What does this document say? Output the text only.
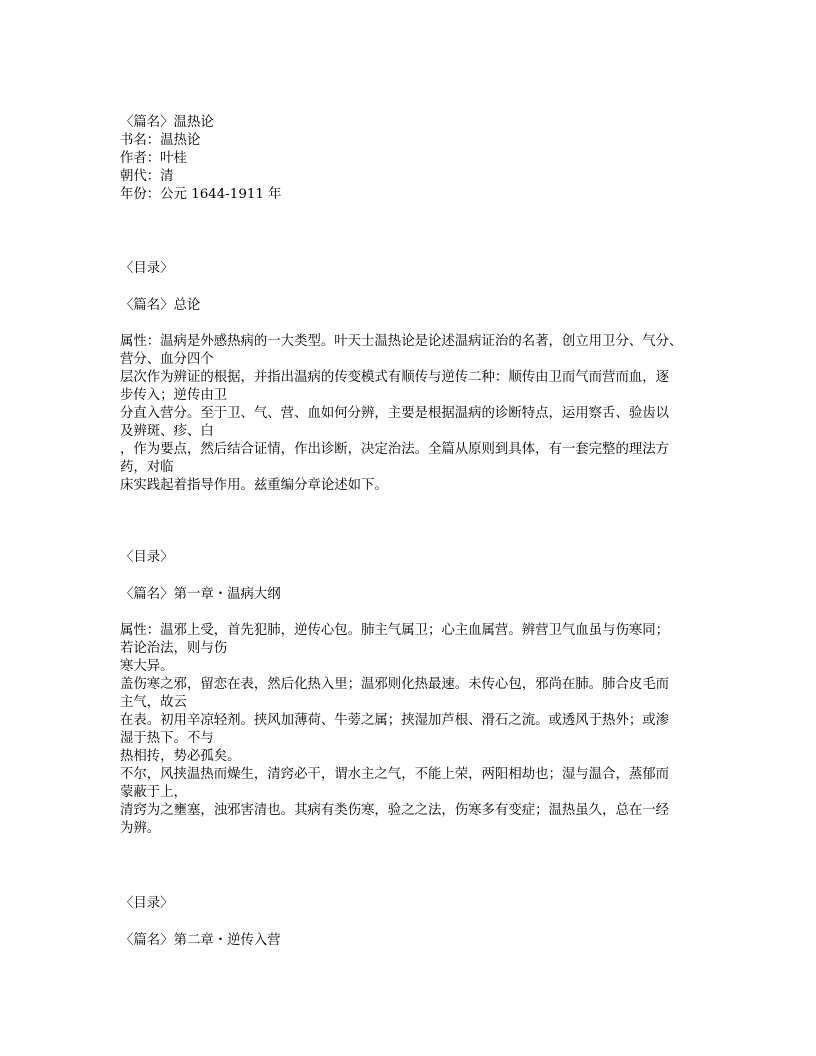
〈篇名〉温热论
书名：温热论
作者：叶桂
朝代：清
年份：公元 1644-1911 年
〈目录〉
〈篇名〉总论
属性：温病是外感热病的一大类型。叶天士温热论是论述温病证治的名著，创立用卫分、气分、
营分、血分四个
层次作为辨证的根据，并指出温病的传变模式有顺传与逆传二种：顺传由卫而气而营而血，逐
步传入；逆传由卫
分直入营分。至于卫、气、营、血如何分辨，主要是根据温病的诊断特点，运用察舌、验齿以
及辨斑、疹、白
，作为要点，然后结合证情，作出诊断，决定治法。全篇从原则到具体，有一套完整的理法方
药，对临
床实践起着指导作用。兹重编分章论述如下。
〈目录〉
〈篇名〉第一章・温病大纲
属性：温邪上受，首先犯肺，逆传心包。肺主气属卫；心主血属营。辨营卫气血虽与伤寒同；
若论治法，则与伤
寒大异。
盖伤寒之邪，留恋在表，然后化热入里；温邪则化热最速。未传心包，邪尚在肺。肺合皮毛而
主气，故云
在表。初用辛凉轻剂。挟风加薄荷、牛蒡之属；挟湿加芦根、滑石之流。或透风于热外；或渗
湿于热下。不与
热相抟，势必孤矣。
不尔，风挟温热而燥生，清窍必干，谓水主之气，不能上荣，两阳相劫也；湿与温合，蒸郁而
蒙蔽于上，
清窍为之壅塞，浊邪害清也。其病有类伤寒，验之之法，伤寒多有变症；温热虽久，总在一经
为辨。
〈目录〉
〈篇名〉第二章・逆传入营
